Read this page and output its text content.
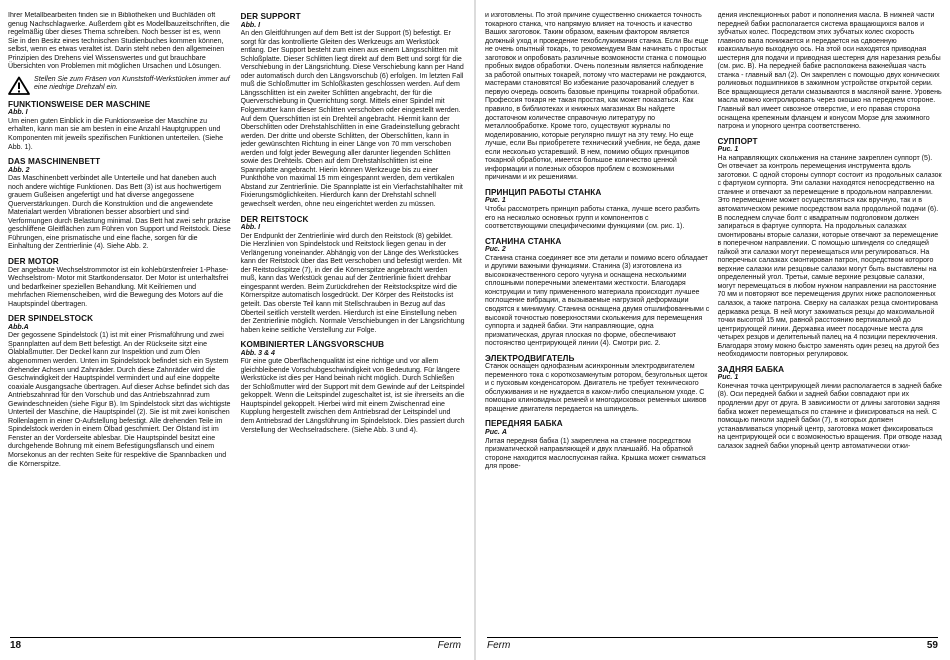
Ihrer Metallbearbeiten finden sie in Bibliotheken und Buchläden oft genug Nachschlagwerke. Außerdem gibt es Modellbauzeitschriften, die regelmäßig über dieses Thema schreiben. Noch besser ist es, wenn Sie in den Besitz eines technischen Studienbuches kommen können, selbst, wenn es etwas veraltet ist. Darin steht neben den allgemeinen Prinzipien des Drehens viel Wissenswertes und gut brauchbare Übersichten von Problemen mit möglichen Ursachen und Lösungen.

Stellen Sie zum Fräsen von Kunststoff-Werkstücken immer auf eine niedrige Drehzahl ein.
FUNKTIONSWEISE DER MASCHINE
Abb. I

Um einen guten Einblick in die Funktionsweise der Maschine zu erhalten, kann man sie am besten in eine Anzahl Hauptgruppen und Komponenten mit jeweils spezifischen Funktionen unterteilen. (Siehe Abb. 1).

DAS MASCHINENBETT
Abb. 2

Das Maschinenbett verbindet alle Unterteile und hat daneben auch noch andere wichtige Funktionen. Das Bett (3) ist aus hochwertigem grauem Gußeisen angefertigt und hat diverse angegossene Querverstärkungen. Durch die Konstruktion und die angewendete Materialart werden Vibrationen besser absorbiert und sind Verformungen durch Belastung minimal. Das Bett hat zwei sehr präzise geschliffene Gleitflächen zum Führen von Support und Reitstock. Diese Führungen, eine prismatische und eine flache, sorgen für die Einhaltung der Zentrierlinie (4). Siehe Abb. 2.

DER MOTOR

Der angebaute Wechselstrommotor ist ein kohlebürstenfreier 1-Phase-Wechselstrom- Motor mit Startkondensator. Der Motor ist unterhaltsfrei und bedarfkeiner speziellen Behandlung. Mit Keilriemen und mehrfachen Riemenscheiben, wird die Bewegung des Motors auf die Hauptspindel übertragen.

DER SPINDELSTOCK
Abb.A

Der gegossene Spindelstock (1) ist mit einer Prismaführung und zwei Spannplatten auf dem Bett befestigt. An der Rückseite sitzt eine Ölablaßmutter. Der Deckel kann zur Inspektion und zum Ölen abgenommen werden. Unten im Spindelstock befindet sich ein System drehender Achsen und Zahnräder. Durch diese Zahnräder wird die Geschwindigkeit der Hauptspindel vermindert und auf eine doppelte coaxiale Ausgangsache übertragen. Auf dieser Achse befindet sich das Antriebszahnrad für den Vorschub und das Antriebszahnrad zum Gewindeschneiden (siehe Figur B). Im Spindelstock sitzt das wichtigste Unterteil der Maschine, die Hauptspindel (2). Sie ist mit zwei konischen Rollenlagern in einer O-Aufstellung befestigt. Alle drehenden Teile im Spindelstock werden in einem Ölbad geschmiert. Der Ölstand ist im Fenster an der Vorderseite ablesbar. Die Hauptspindel besitzt eine durchgehende Bohrung mit einem Befestigungsflansch und einem Morsekonus an der rechten Seite für respektive die Spannbacken und die Körnerspitze.

DER SUPPORT
Abb. I

An den Gleitführungen auf dem Bett ist der Support (5) befestigt. Er sorgt für das kontrollierte Gleiten des Werkzeugs am Werkstück entlang. Der Support besteht zum einen aus einem Längsschlitten mit Schloßplatte. Dieser Schlitten liegt direkt auf dem Bett und sorgt für die Verschiebung in der Längsrichtung. Diese Verschiebung kann per Hand oder automatisch durch den Längsvorschub (6) erfolgen. Im letzten Fall muß die Schloßmutter im Schloßkasten geschlossen werden. Auf dem Längsschlitten ist ein zweiter Schlitten angebracht, der für die Querverschiebung in Querrichtung sorgt. Mittels einer Spindel mit Folgemutter kann dieser Schlitten verschoben oder eingestellt werden. Auf dem Querschlitten ist ein Drehteil angebracht. Hiermit kann der Oberschlitten oder Drehstahlschlitten in eine Gradeinstellung gebracht werden. Der dritte und oberste Schlitten, der Oberschlitten, kann in jeder gewünschten Richtung in einer Länge von 70 mm verschoben werden und folgt jeder Bewegung aller darunter liegenden Schlitten sowie des Drehteils. Oben auf dem Drehstahlschlitten ist eine Spannplatte angebracht. Hierin können Werkzeuge bis zu einer Punkthöhe von maximal 15 mm eingespannt werden, dem vertikalen Abstand zur Zentrierlinie. Die Spannplatte ist ein Vierfachstahlhalter mit Fixierungsmöglichkeiten. Hierdurch kann der Drehstahl schnell gewechselt werden, ohne neu eingerichtet werden zu müssen.

DER REITSTOCK
Abb. I

Der Endpunkt der Zentrierlinie wird durch den Reitstock (8) gebildet. Die Herzlinien von Spindelstock und Reitstock liegen genau in der Verlängerung voneinander. Abhängig von der Länge des Werkstückes kann der Reitstock über das Bett verschoben und befestigt werden. Mit der Reitstockspitze (7), in der die Körnerspitze angebracht werden muß, kann das Werkstück genau auf der Zentrierlinie fixiert drehbar eingespannt werden. Beim Zurückdrehen der Reitstockspitze wird die Körnerspitze automatisch losgedrückt. Der Körper des Reitstocks ist geteilt. Das oberste Teil kann mit Stellschrauben in Bezug auf das Oberteil seitlich verstellt werden. Hierdurch ist eine Einstellung neben der Zentrierlinie möglich. Normale Verschiebungen in der Längsrichtung haben keine seitliche Verstellung zur Folge.

KOMBINIERTER LÄNGSVORSCHUB
Abb. 3 & 4

Für eine gute Oberflächenqualität ist eine richtige und vor allem gleichbleibende Vorschubgeschwindigkeit von Bedeutung. Für längere Werkstücke ist dies per Hand beinah nicht möglich. Durch Schließen der Schloßmutter wird der Support mit dem Gewinde auf der Leitspindel gekoppelt. Wenn die Leitspindel zugeschaltet ist, ist sie ihrerseits an die Hauptspindel gekoppelt. Hierbei wird mit einem Zwischenrad eine Kupplung hergestellt zwischen dem Antriebsrad der Leitspindel und dem Antriebsrad der Längsführung im Spindelstock. Dies passiert durch Verstellung der Wechselradschere. (Siehe Abb. 3 und 4).

18	Ferm

и изготовлены. По этой причине существенно снижается точность токарного станка, что напрямую влияет на точность и качество Ваших заготовок. Таким образом, важным фактором является должный уход и проведение техобслуживания станка. Если Вы еще не очень опытный токарь, то рекомендуем Вам начинать с простых заготовок и опробовать различные возможности станка с помощью пробных видов обработки. Очень полезным является наблюдение за работой опытных токарей, потому что мастерами не рождаются, мастерами становятся! Во избежание разочарований следует в первую очередь освоить базовые принципы токарной обработки. Профессия токаря не такая простая, как может показаться. Как правило, в библиотеках и книжных магазинах Вы найдете достаточном количестве справочную литературу по металлообработке. Кроме того, существуют журналы по моделированию, которые регулярно пишут на эту тему. Но еще лучше, если Вы приобретете технический учебник, не беда, даже если несколько устаревший. В нем, помимо общих принципов токарной обработки, имеется большое количество ценной информации и полезных обзоров проблем с возможными причинами и их решениями.

ПРИНЦИП РАБОТЫ СТАНКА
Рис. 1

Чтобы рассмотреть принцип работы станка, лучше всего разбить его на несколько основных групп и компонентов с соответствующими специфическими функциями (см. рис. 1).

СТАНИНА СТАНКА
Рис. 2

Станина станка соединяет все эти детали и помимо всего обладает и другими важными функциями. Станина (3) изготовлена из высококачественного серого чугуна и оснащена несколькими сплошными поперечными элементами жесткости. Благодаря конструкции и типу примененного материала происходит лучшее поглощение вибрации, а вызываемые нагрузкой деформации сводятся к минимуму. Станина оснащена двумя отшлифованными с высокой точностью поверхностями скольжения для перемещения суппорта и задней бабки. Эти направляющие, одна призматическая, другая плоская по форме, обеспечивают постоянство центрирующей линии (4). Смотри рис. 2.

ЭЛЕКТРОДВИГАТЕЛЬ

Станок оснащен однофазным асинхронным электродвигателем переменного тока с короткозамкнутым ротором, безугольных щеток и с пусковым конденсатором. Двигатель не требует технического обслуживания и не нуждается в каком-либо специальном уходе. С помощью клиновидных ремней и многодисковых ременных шкивов вращение двигателя передается на шпиндель.

ПЕРЕДНЯЯ БАБКА
Рис. A

Литая передняя бабка (1) закреплена на станине посредством призматической направляющей и двух планшайб. На обратной стороне находится маслоспускная гайка. Крышка может сниматься для прове-

дения инспекционных работ и пополнения масла. В нижней части передней бабки располагается система вращающихся валов и зубчатых колес. Посредством этих зубчатых колес скорость главного вала понижается и передается на сдвоенную коаксиальную выходную ось. На этой оси находятся приводная шестерня для подачи и приводная шестерня для нарезания резьбы (см. рис. B). На передней бабке расположена важнейшая часть станка - главный вал (2). Он закреплен с помощью двух конических роликовых подшипников в зажимном устройстве открытой серии. Все вращающиеся детали смазываются в масляной ванне. Уровень масла можно контролировать через окошко на переднем стороне. Главный вал имеет сквозное отверстие, и его правая сторона оснащена крепежным фланцем и конусом Морзе для зажимного патрона и упорного центра соответственно.

СУППОРТ
Рис. 1

На направляющих скольжения на станине закреплен суппорт (5). Он отвечает за контроль перемещения инструмента вдоль заготовки. С одной стороны суппорт состоит из продольных салазок с фартуком суппорта. Эти салазки находятся непосредственно на станине и отвечают за перемещение в продольном направлении. Это перемещение может осуществляться как вручную, так и в автоматическом режиме посредством вала продольной подачи (6). В последнем случае болт с квадратным подголовком должен запираться в фартуке суппорта. На продольных салазках смонтированы вторые салазки, которые отвечают за перемещение в поперечном направлении. С помощью шпинделя со следящей гайкой эти салазки могут перемещаться или регулироваться. На поперечных салазках смонтирован патрон, посредством которого верхние салазки или резцовые салазки могут быть выставлены на определенный угол. Третьи, самые верхние резцовые салазки, могут перемещаться в любом нужном направлении на расстояние 70 мм и повторяют все перемещения других ниже расположенных салазок, а также патрона. Сверху на салазках резца смонтирована державка резца. В ней могут зажиматься резцы до максимальной точки высотой 15 мм, равной расстоянию вертикальной до центрирующей линии. Державка имеет посадочные места для четырех резцов и делительный палец на 4 позиции переключения. Благодаря этому можно быстро заменять один резец на другой без необходимости повторных регулировок.

ЗАДНЯЯ БАБКА
Рис. 1

Конечная точка центрирующей линии располагается в задней бабке (8). Оси передней бабки и задней бабки совпадают при их продлении друг от друга. В зависимости от длины заготовки задняя бабка может перемещаться по станине и фиксироваться на ней. С помощью пиноли задней бабки (7), в которых должен устанавливаться упорный центр, заготовка может фиксироваться на центрирующей оси с возможностью вращения. При отводе назад салазок задней бабки упорный центр автоматически отжи-

Ferm	59
